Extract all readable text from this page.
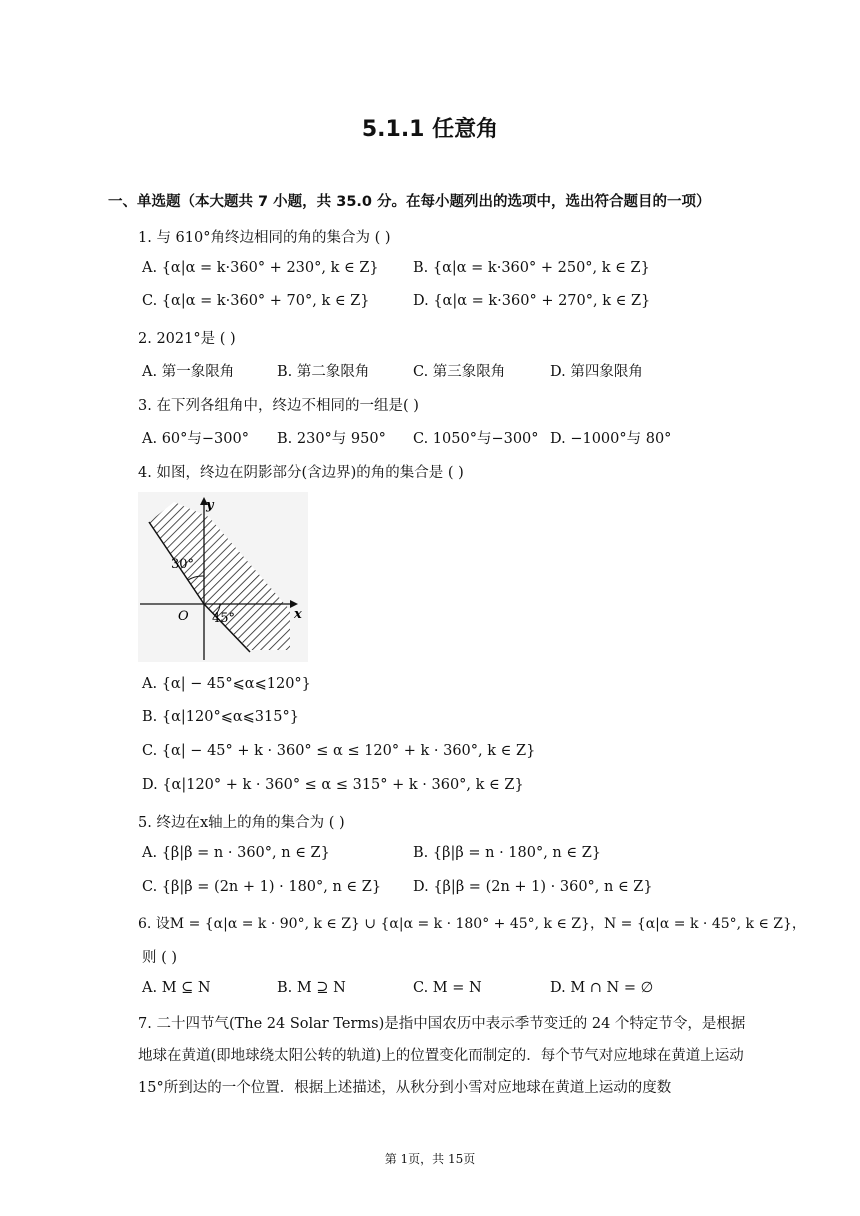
5.1.1 任意角
一、单选题（本大题共 7 小题，共 35.0 分。在每小题列出的选项中，选出符合题目的一项）
1. 与 610°角终边相同的角的集合为 ( )
A. {α|α = k·360° + 230°, k ∈ Z} B. {α|α = k·360° + 250°, k ∈ Z}
C. {α|α = k·360° + 70°, k ∈ Z}	D. {α|α = k·360° + 270°, k ∈ Z}
2. 2021°是 ( )
A. 第一象限角	B. 第二象限角	C. 第三象限角	D. 第四象限角
3. 在下列各组角中，终边不相同的一组是( )
A. 60°与−300° B. 230°与 950° C. 1050°与−300° D. −1000°与 80°
4. 如图，终边在阴影部分(含边界)的角的集合是 ( )
y
x
O
30°
45°
A. {α| − 45°⩽α⩽120°}
B. {α|120°⩽α⩽315°}
C. {α| − 45° + k · 360° ≤ α ≤ 120° + k · 360°, k ∈ Z}
D. {α|120° + k · 360° ≤ α ≤ 315° + k · 360°, k ∈ Z}
5. 终边在x轴上的角的集合为 ( )
A. {β|β = n · 360°, n ∈ Z}	B. {β|β = n · 180°, n ∈ Z}
C. {β|β = (2n + 1) · 180°, n ∈ Z} D. {β|β = (2n + 1) · 360°, n ∈ Z}
6. 设M = {α|α = k · 90°, k ∈ Z} ∪ {α|α = k · 180° + 45°, k ∈ Z}，N = {α|α = k · 45°, k ∈ Z}，
则 ( )
A. M ⊆ N	B. M ⊇ N	C. M = N	D. M ∩ N = ∅
7. 二十四节气(The 24 Solar Terms)是指中国农历中表示季节变迁的 24 个特定节令，是根据地球在黄道(即地球绕太阳公转的轨道)上的位置变化而制定的．每个节气对应地球在黄道上运动 15°所到达的一个位置．根据上述描述，从秋分到小雪对应地球在黄道上运动的度数
第 1页，共 15页
